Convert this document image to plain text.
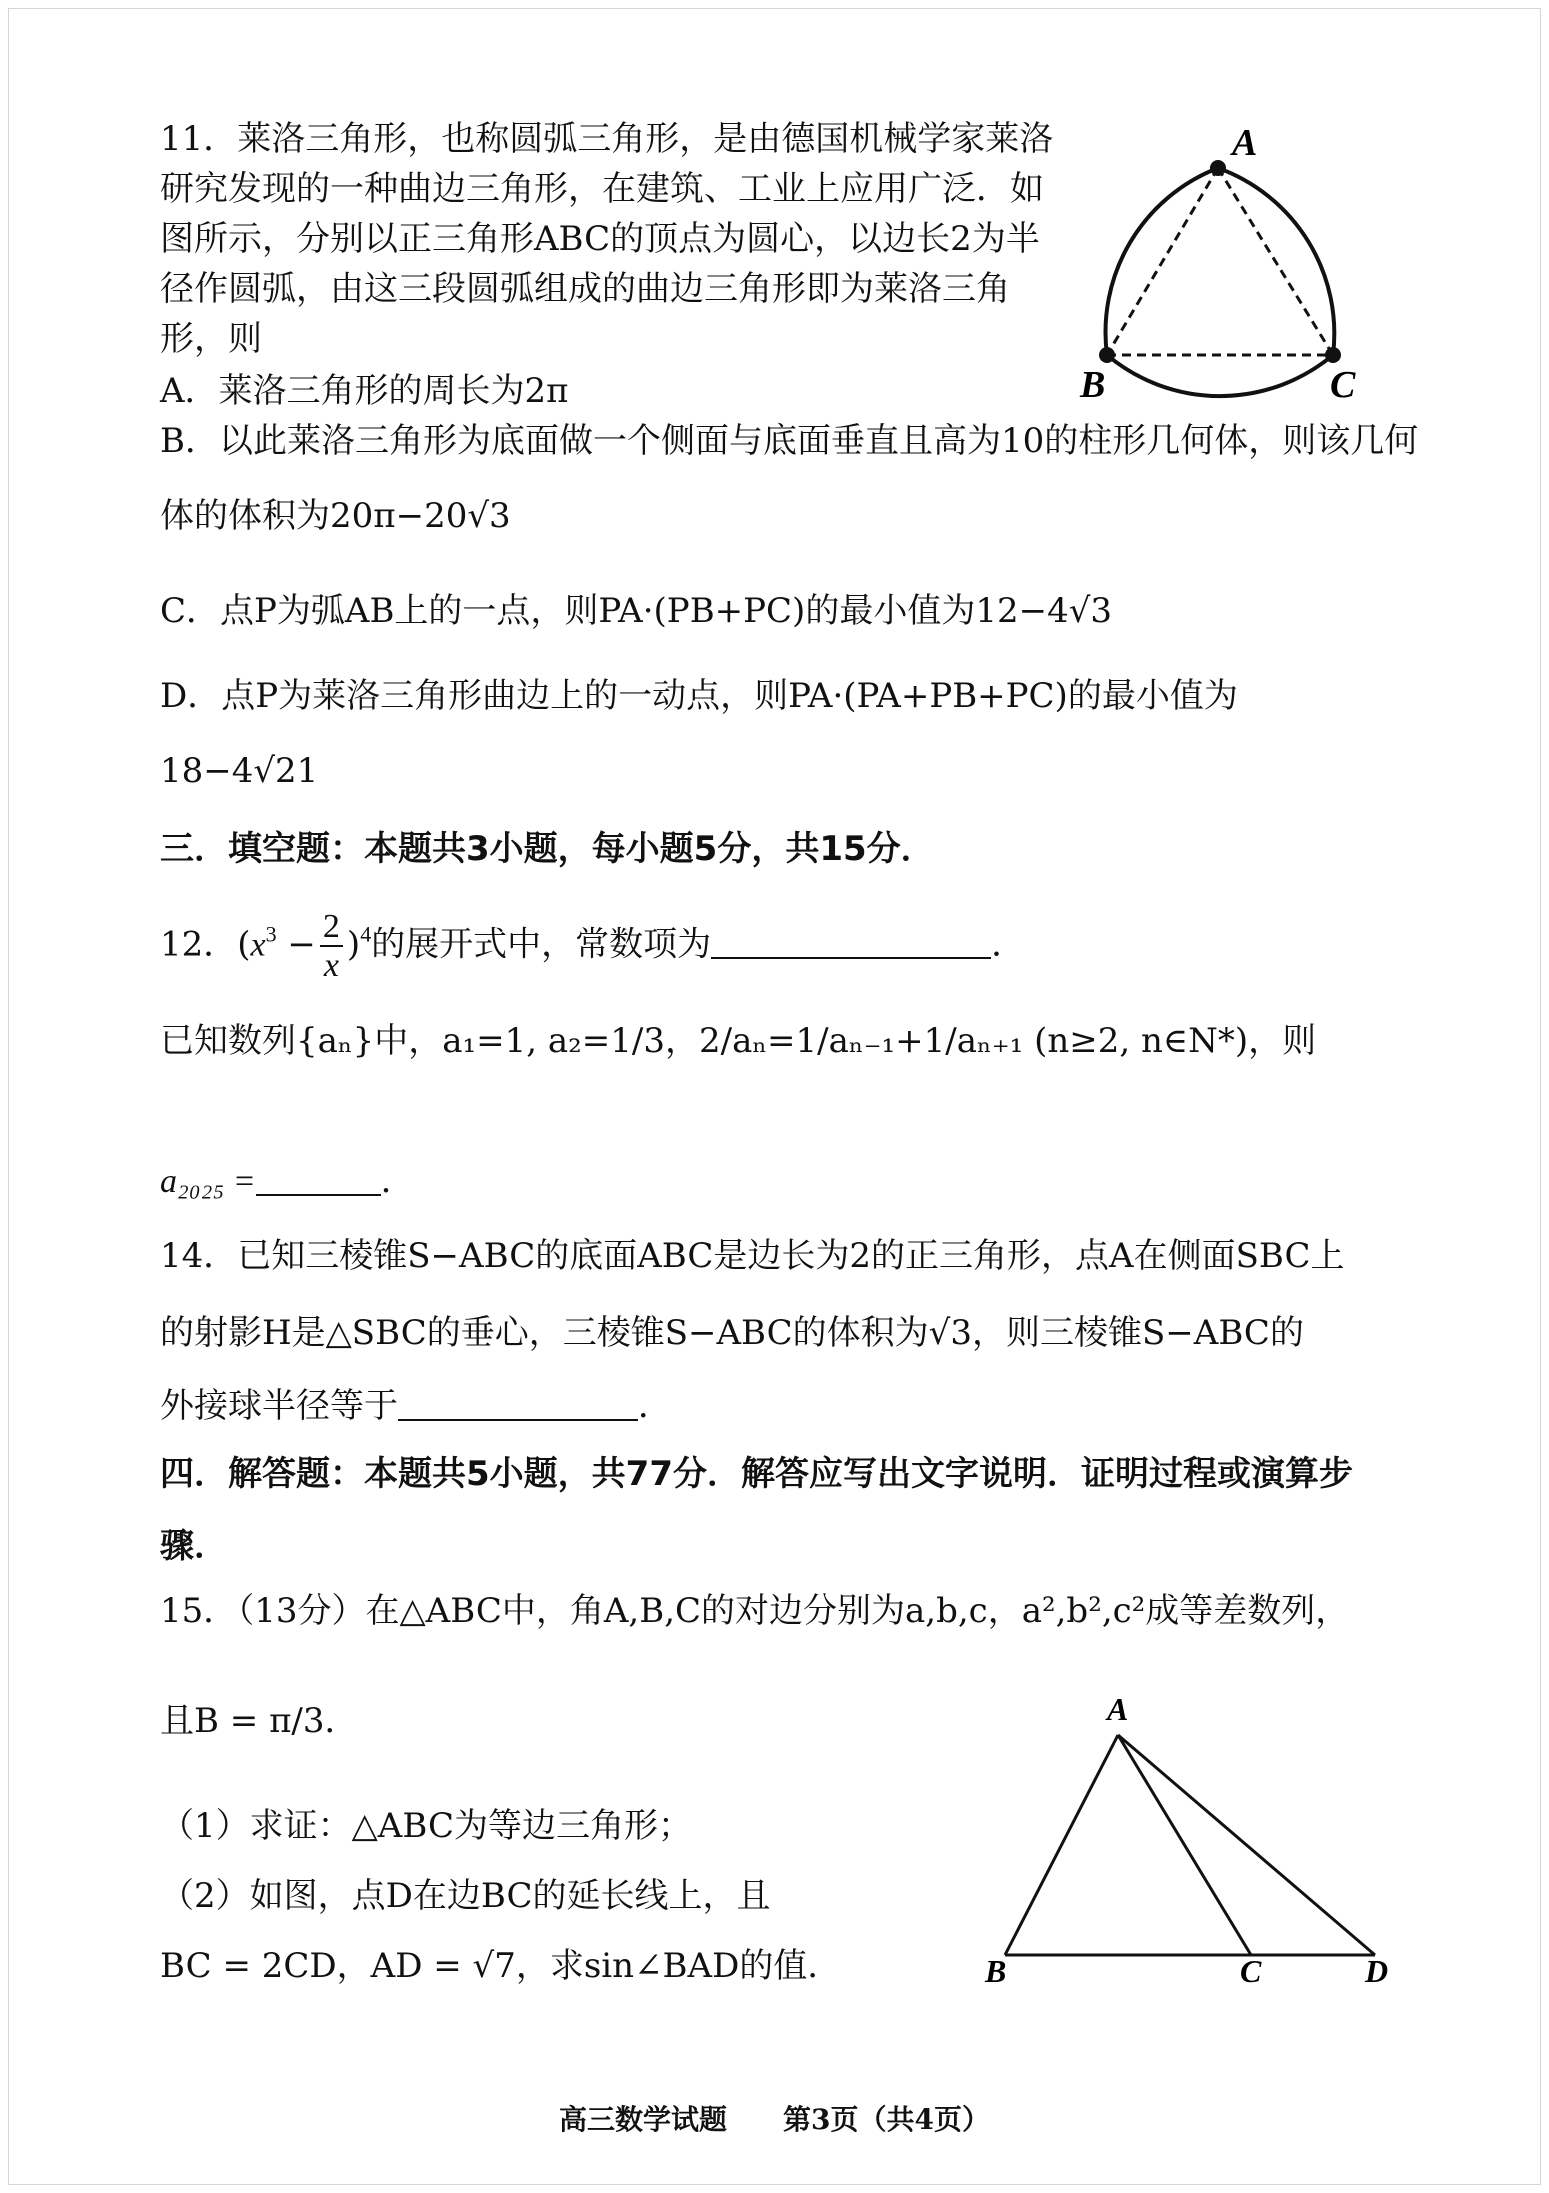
11．莱洛三角形，也称圆弧三角形，是由德国机械学家莱洛
研究发现的一种曲边三角形，在建筑、工业上应用广泛．如
图所示，分别以正三角形ABC的顶点为圆心，以边长2为半
径作圆弧，由这三段圆弧组成的曲边三角形即为莱洛三角
形，则
A．莱洛三角形的周长为2π
B．以此莱洛三角形为底面做一个侧面与底面垂直且高为10的柱形几何体，则该几何
体的体积为20π−20√3
C．点P为弧AB上的一点，则PA·(PB+PC)的最小值为12−4√3
D．点P为莱洛三角形曲边上的一动点，则PA·(PA+PB+PC)的最小值为
18−4√21
A
B	C
三．填空题：本题共3小题，每小题5分，共15分．
12．$(x^3 - \frac{2}{x} )^4$的展开式中，常数项为	．
已知数列{aₙ}中，a₁=1, a₂=1/3，2/aₙ=1/aₙ₋₁+1/aₙ₊₁ (n≥2, n∈N*)，则
a₂₀₂₅ =	．
14．已知三棱锥S−ABC的底面ABC是边长为2的正三角形，点A在侧面SBC上
的射影H是△SBC的垂心，三棱锥S−ABC的体积为√3，则三棱锥S−ABC的
外接球半径等于	．
四．解答题：本题共5小题，共77分．解答应写出文字说明．证明过程或演算步
骤．
15．（13分）在△ABC中，角A,B,C的对边分别为a,b,c，a²,b²,c²成等差数列，
且B = π/3．
（1）求证：△ABC为等边三角形；
（2）如图，点D在边BC的延长线上，且
BC = 2CD，AD = √7，求sin∠BAD的值．
A
B	C	D
高三数学试题　　第3页（共4页）
